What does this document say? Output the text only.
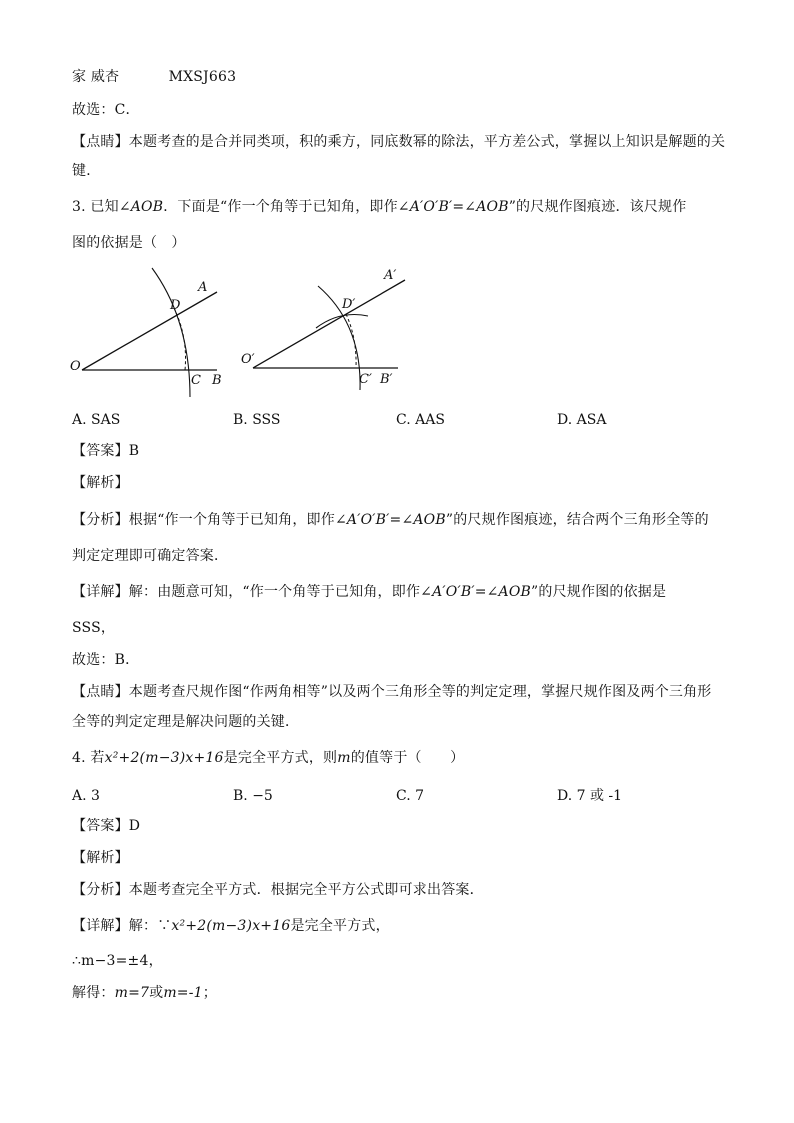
家 威杏	MXSJ663
故选：C．
【点睛】本题考查的是合并同类项，积的乘方，同底数幂的除法，平方差公式，掌握以上知识是解题的关
键．
3. 已知∠AOB．下面是“作一个角等于已知角，即作∠A′O′B′=∠AOB”的尺规作图痕迹．该尺规作
图的依据是（　）
A
D
O
C B
A′
D′
O′
C′ B′
A. SAS	B. SSS	C. AAS	D. ASA
【答案】B
【解析】
【分析】根据“作一个角等于已知角，即作∠A′O′B′=∠AOB”的尺规作图痕迹，结合两个三角形全等的
判定定理即可确定答案．
【详解】解：由题意可知，“作一个角等于已知角，即作∠A′O′B′=∠AOB”的尺规作图的依据是
SSS，
故选：B．
【点睛】本题考查尺规作图“作两角相等”以及两个三角形全等的判定定理，掌握尺规作图及两个三角形
全等的判定定理是解决问题的关键．
4. 若x²+2(m−3)x+16是完全平方式，则m的值等于（　　）
A. 3	B. −5	C. 7	D. 7 或 -1
【答案】D
【解析】
【分析】本题考查完全平方式．根据完全平方公式即可求出答案．
【详解】解：∵x²+2(m−3)x+16是完全平方式，
∴m−3=±4，
解得：m=7或m=-1；
